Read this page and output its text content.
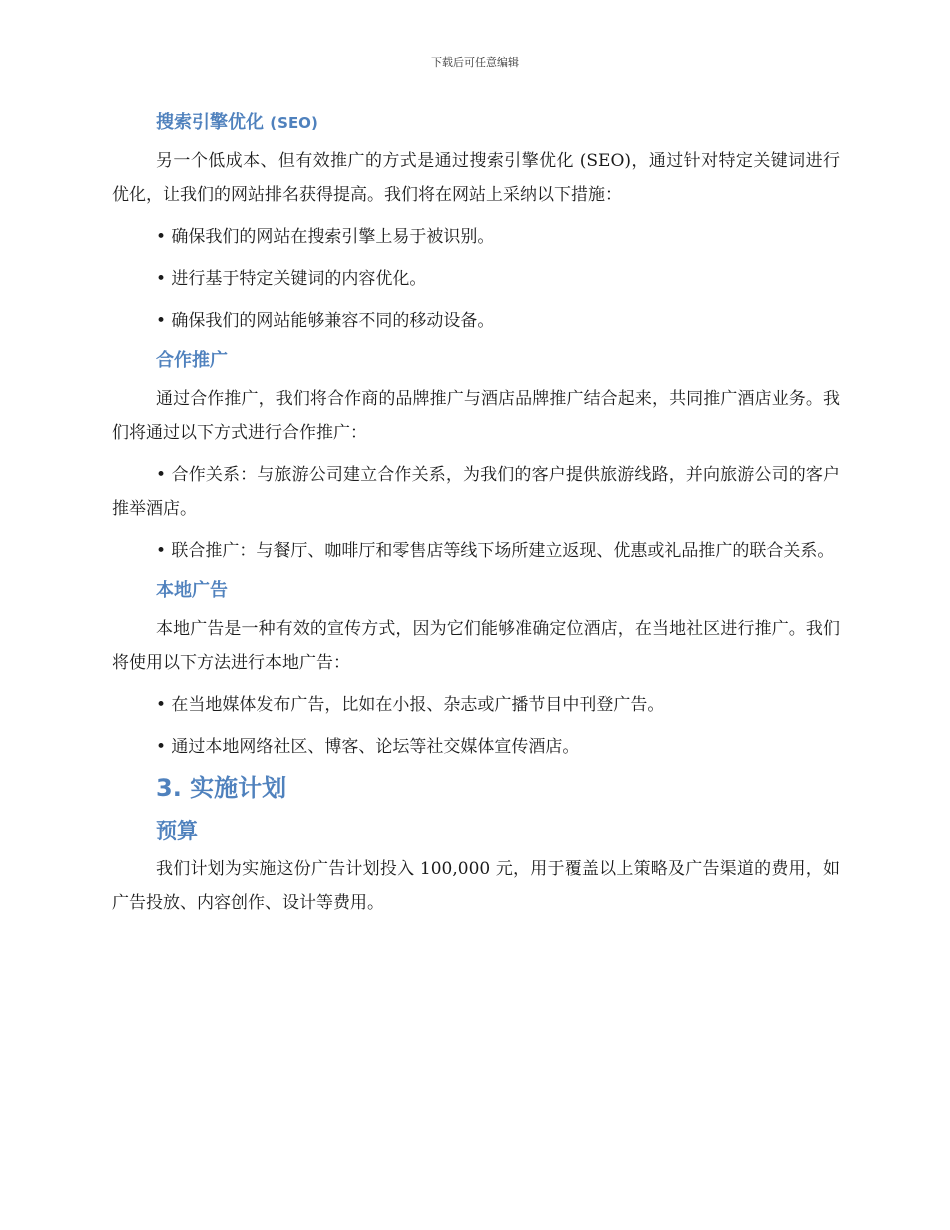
下载后可任意编辑
搜索引擎优化 (SEO)

另一个低成本、但有效推广的方式是通过搜索引擎优化 (SEO)，通过针对特定关键词进行优化，让我们的网站排名获得提高。我们将在网站上采纳以下措施：

• 确保我们的网站在搜索引擎上易于被识别。

• 进行基于特定关键词的内容优化。

• 确保我们的网站能够兼容不同的移动设备。

合作推广

通过合作推广，我们将合作商的品牌推广与酒店品牌推广结合起来，共同推广酒店业务。我们将通过以下方式进行合作推广：

• 合作关系：与旅游公司建立合作关系，为我们的客户提供旅游线路，并向旅游公司的客户推举酒店。

• 联合推广：与餐厅、咖啡厅和零售店等线下场所建立返现、优惠或礼品推广的联合关系。

本地广告

本地广告是一种有效的宣传方式，因为它们能够准确定位酒店，在当地社区进行推广。我们将使用以下方法进行本地广告：

• 在当地媒体发布广告，比如在小报、杂志或广播节目中刊登广告。

• 通过本地网络社区、博客、论坛等社交媒体宣传酒店。

3. 实施计划
预算

我们计划为实施这份广告计划投入 100,000 元，用于覆盖以上策略及广告渠道的费用，如广告投放、内容创作、设计等费用。
